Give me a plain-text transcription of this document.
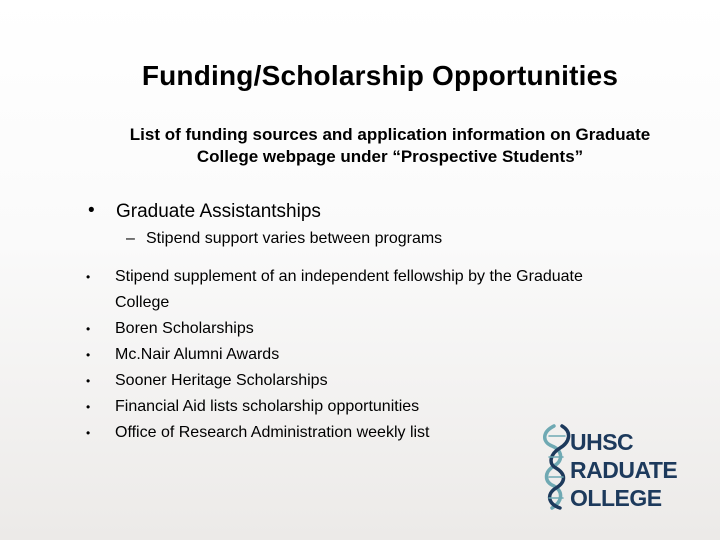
Funding/Scholarship Opportunities
List of funding sources and application information on Graduate
College webpage under “Prospective Students”
• Graduate Assistantships
– Stipend support varies between programs
• Stipend supplement of an independent fellowship by the Graduate
College
• Boren Scholarships
• Mc.Nair Alumni Awards
• Sooner Heritage Scholarships
• Financial Aid lists scholarship opportunities
• Office of Research Administration weekly list	UHSC
RADUATE
OLLEGE
